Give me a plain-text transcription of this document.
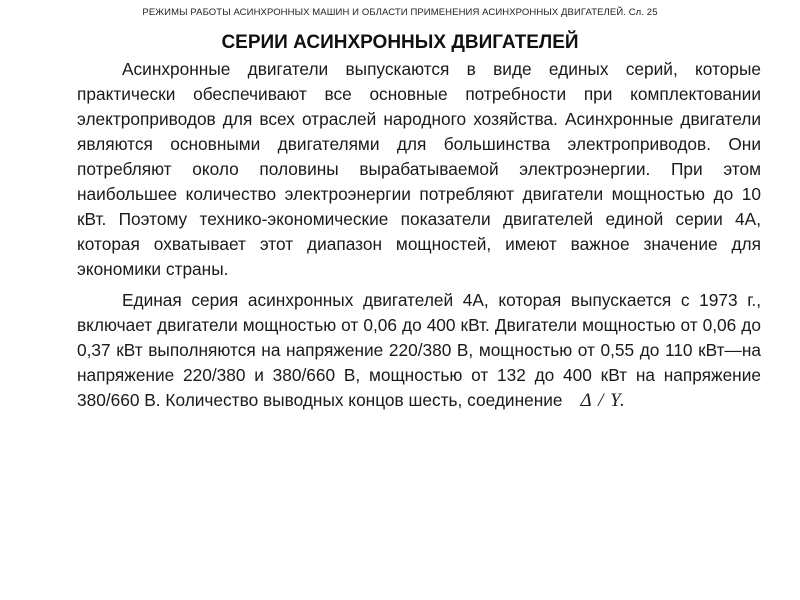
РЕЖИМЫ РАБОТЫ АСИНХРОННЫХ МАШИН И ОБЛАСТИ ПРИМЕНЕНИЯ АСИНХРОННЫХ ДВИГАТЕЛЕЙ. Сл. 25
СЕРИИ АСИНХРОННЫХ ДВИГАТЕЛЕЙ

Асинхронные двигатели выпускаются в виде единых серий, которые практически обеспечивают все основные потребности при комплектовании электроприводов для всех отраслей народного хозяйства. Асинхронные двигатели являются основными двигателями для большинства электроприводов. Они потребляют около половины вырабатываемой электроэнергии. При этом наибольшее количество электроэнергии потребляют двигатели мощностью до 10 кВт. Поэтому технико-экономические показатели двигателей единой серии 4А, которая охватывает этот диапазон мощностей, имеют важное значение для экономики страны.

Единая серия асинхронных двигателей 4А, которая выпускается с 1973 г., включает двигатели мощностью от 0,06 до 400 кВт. Двигатели мощностью от 0,06 до 0,37 кВт выполняются на напряжение 220/380 В, мощностью от 0,55 до 110 кВт—на напряжение 220/380 и 380/660 В, мощностью от 132 до 400 кВт на напряжение 380/660 В. Количество выводных концов шесть, соединение Δ / Y.
